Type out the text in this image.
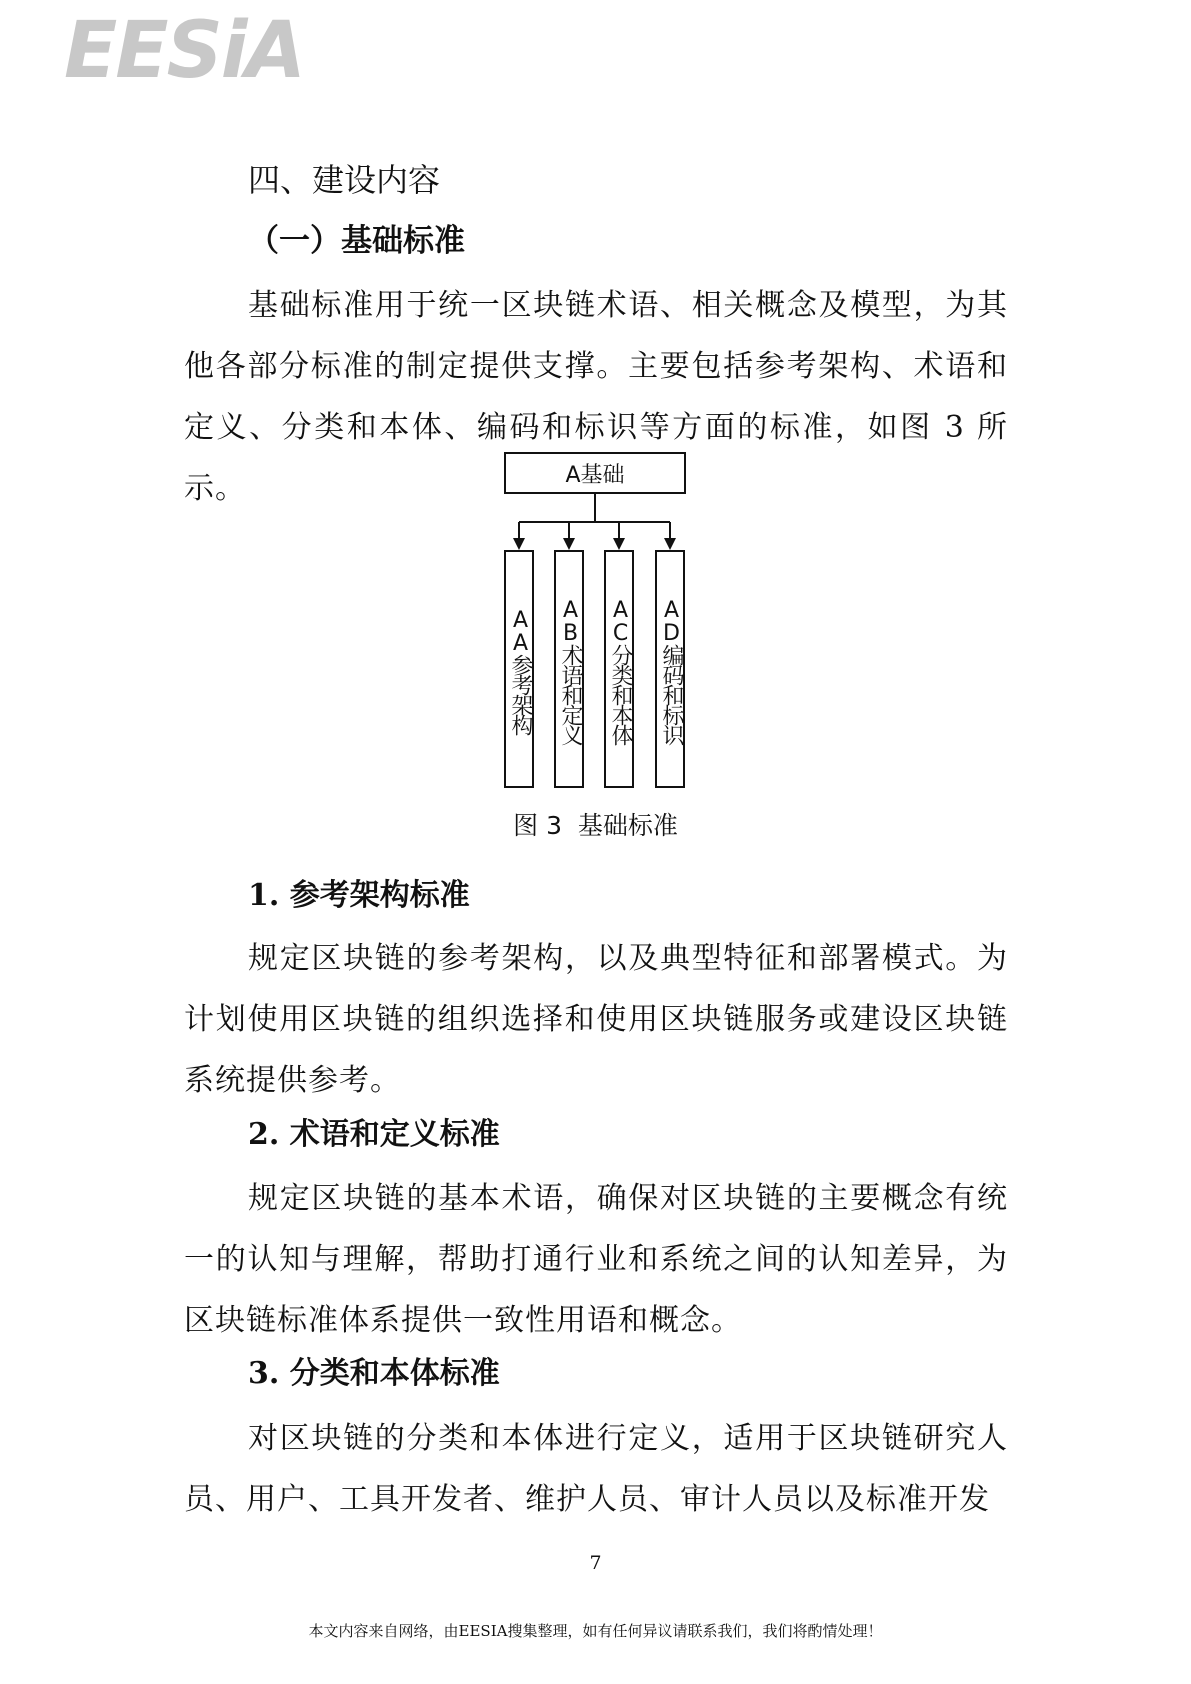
EESiA
四、建设内容
（一）基础标准
基础标准用于统一区块链术语、相关概念及模型，为其他各部分标准的制定提供支撑。主要包括参考架构、术语和定义、分类和本体、编码和标识等方面的标准，如图 3 所示。	A基础
AA参考架构 AB术语和定义 AC分类和本体 AD编码和标识
图 3  基础标准
1. 参考架构标准
规定区块链的参考架构，以及典型特征和部署模式。为计划使用区块链的组织选择和使用区块链服务或建设区块链系统提供参考。
2. 术语和定义标准
规定区块链的基本术语，确保对区块链的主要概念有统一的认知与理解，帮助打通行业和系统之间的认知差异，为区块链标准体系提供一致性用语和概念。
3. 分类和本体标准
对区块链的分类和本体进行定义，适用于区块链研究人员、用户、工具开发者、维护人员、审计人员以及标准开发
7
本文内容来自网络，由EESIA搜集整理，如有任何异议请联系我们，我们将酌情处理！
